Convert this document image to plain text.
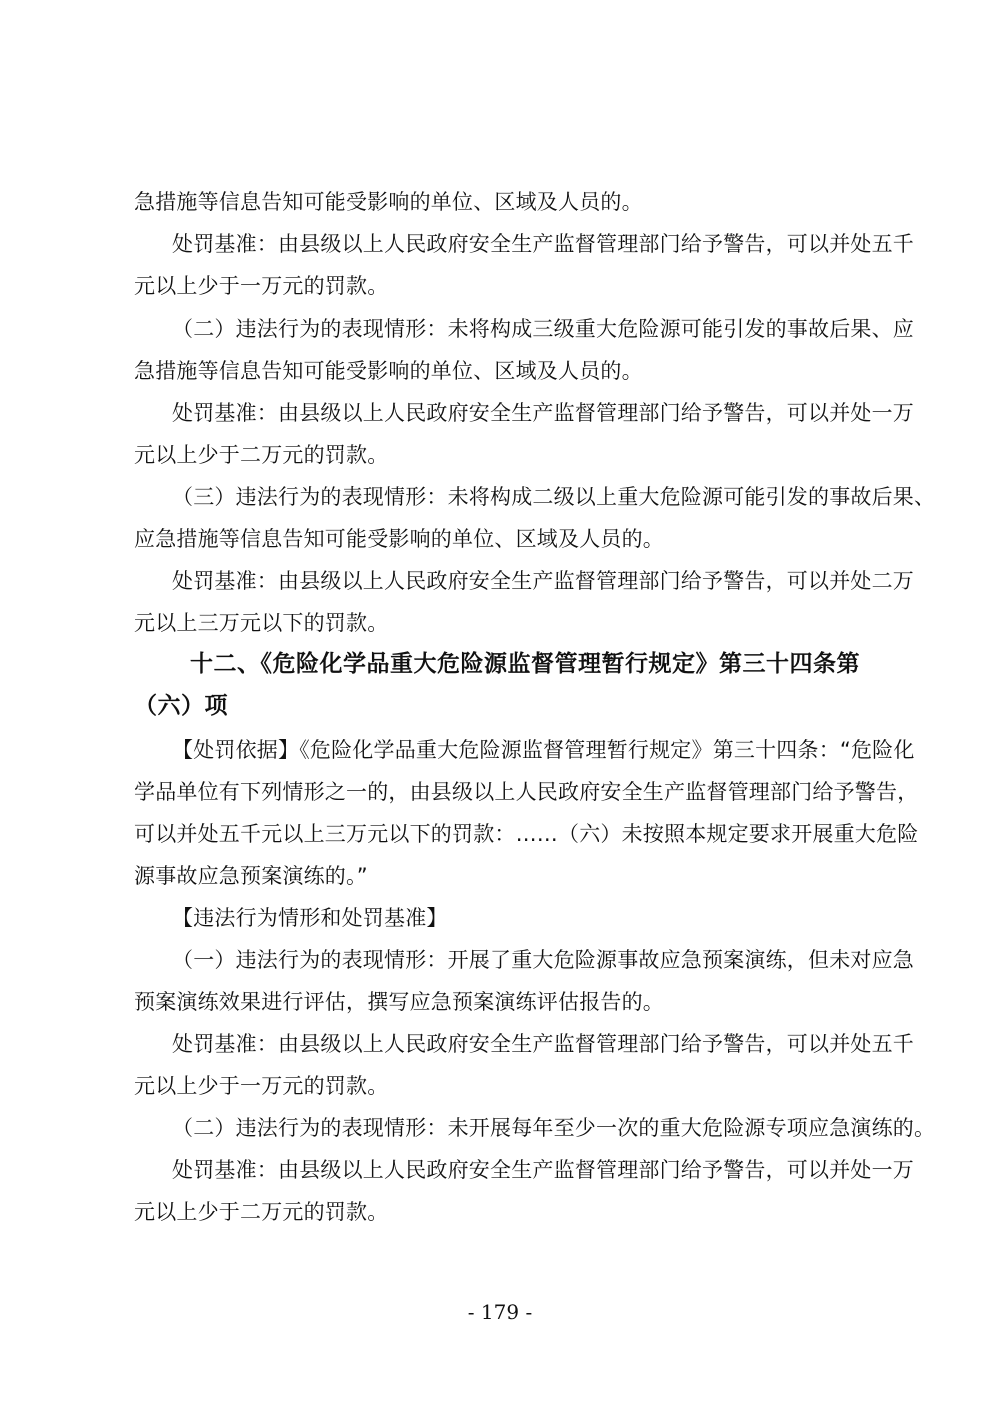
急措施等信息告知可能受影响的单位、区域及人员的。
处罚基准：由县级以上人民政府安全生产监督管理部门给予警告，可以并处五千
元以上少于一万元的罚款。
（二）违法行为的表现情形：未将构成三级重大危险源可能引发的事故后果、应
急措施等信息告知可能受影响的单位、区域及人员的。
处罚基准：由县级以上人民政府安全生产监督管理部门给予警告，可以并处一万
元以上少于二万元的罚款。
（三）违法行为的表现情形：未将构成二级以上重大危险源可能引发的事故后果、
应急措施等信息告知可能受影响的单位、区域及人员的。
处罚基准：由县级以上人民政府安全生产监督管理部门给予警告，可以并处二万
元以上三万元以下的罚款。
十二、《危险化学品重大危险源监督管理暂行规定》第三十四条第
（六）项
【处罚依据】《危险化学品重大危险源监督管理暂行规定》第三十四条：“危险化
学品单位有下列情形之一的，由县级以上人民政府安全生产监督管理部门给予警告，
可以并处五千元以上三万元以下的罚款：……（六）未按照本规定要求开展重大危险
源事故应急预案演练的。”
【违法行为情形和处罚基准】
（一）违法行为的表现情形：开展了重大危险源事故应急预案演练，但未对应急
预案演练效果进行评估，撰写应急预案演练评估报告的。
处罚基准：由县级以上人民政府安全生产监督管理部门给予警告，可以并处五千
元以上少于一万元的罚款。
（二）违法行为的表现情形：未开展每年至少一次的重大危险源专项应急演练的。
处罚基准：由县级以上人民政府安全生产监督管理部门给予警告，可以并处一万
元以上少于二万元的罚款。
- 179 -
